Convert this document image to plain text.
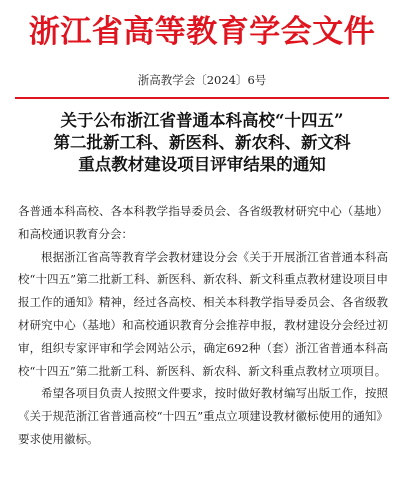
浙江省高等教育学会文件
浙高教学会〔2024〕6号
关于公布浙江省普通本科高校“十四五”
第二批新工科、新医科、新农科、新文科
重点教材建设项目评审结果的通知

各普通本科高校、各本科教学指导委员会、各省级教材研究中心（基地）和高校通识教育分会：

根据浙江省高等教育学会教材建设分会《关于开展浙江省普通本科高校“十四五”第二批新工科、新医科、新农科、新文科重点教材建设项目申报工作的通知》精神，经过各高校、相关本科教学指导委员会、各省级教材研究中心（基地）和高校通识教育分会推荐申报，教材建设分会经过初审，组织专家评审和学会网站公示，确定692种（套）浙江省普通本科高校“十四五”第二批新工科、新医科、新农科、新文科重点教材立项项目。

希望各项目负责人按照文件要求，按时做好教材编写出版工作，按照《关于规范浙江省普通高校“十四五”重点立项建设教材徽标使用的通知》要求使用徽标。
